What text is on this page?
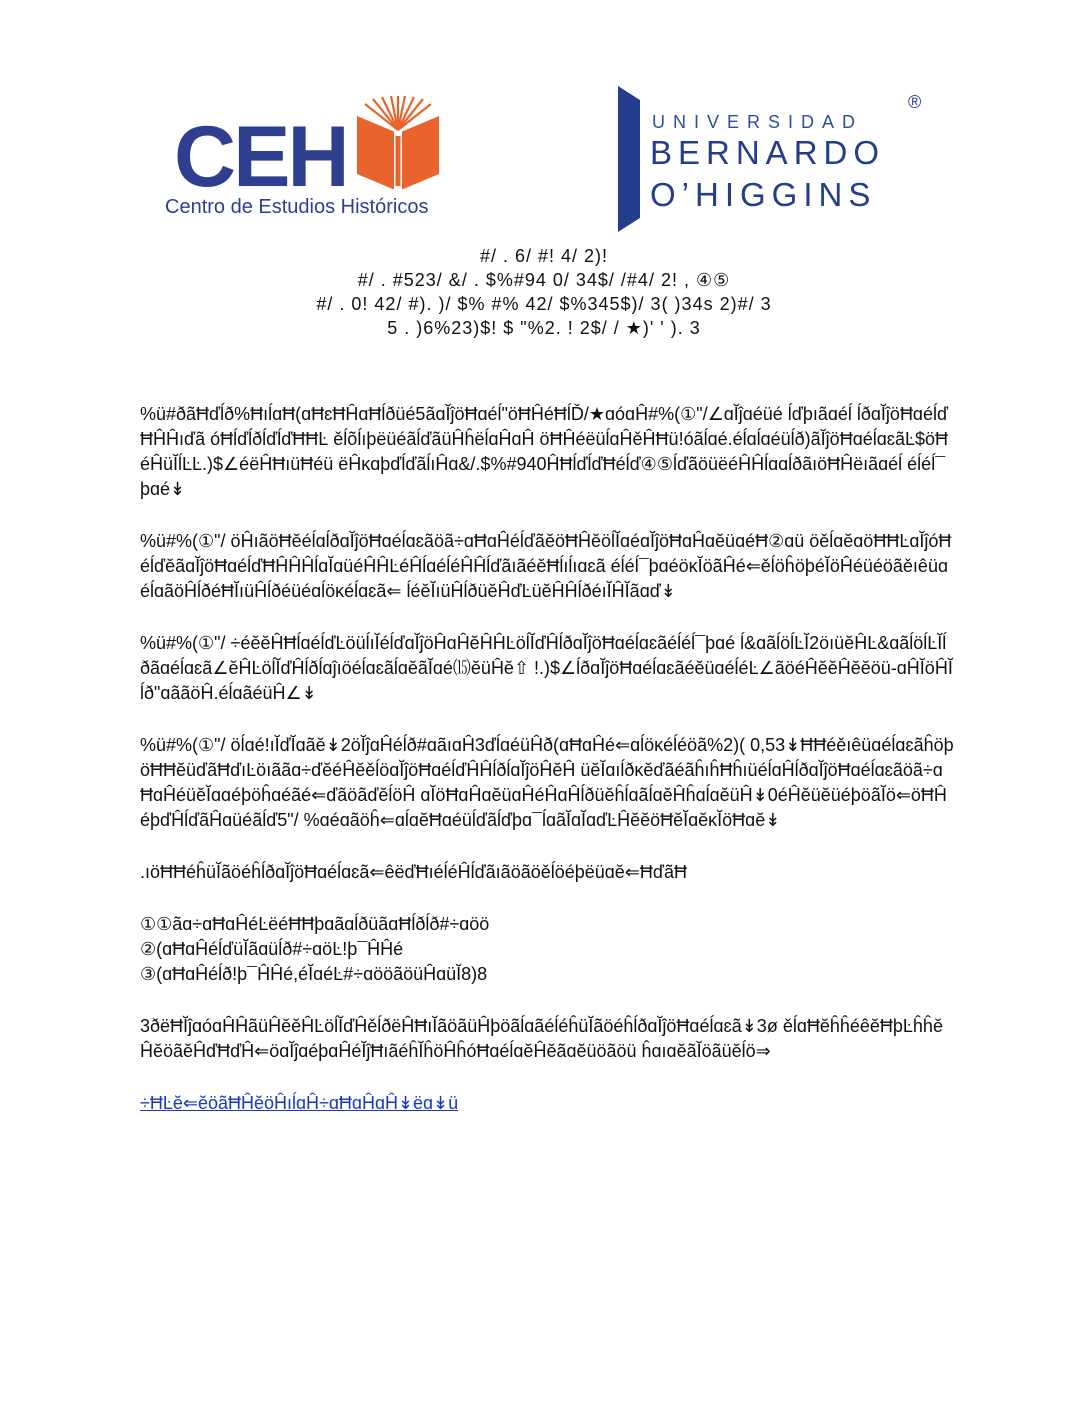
CEH
Centro de Estudios Históricos
UNIVERSIDAD
BERNARDO
O’HIGGINS
®
#/ . 6/ #! 4/ 2)!
#/ . #523/ &/ . $%#94 0/ 34$/ /#4/ 2! , ④⑤
#/ . 0! 42/ #). )/ $% #% 42/ $%345$)/ 3( )34s 2)#/ 3
5 . )6%23)$! $ "%2. ! 2$/ / ★)' ' ). 3

%ü#ðãĦďĺð%ĦıĺɑĦ(ɑĦɛĦĤɑĦĺðüé5ãɑĬĵöĦɑéĺ"öĦĤéĦĺĎ/★ɑóɑĤ#%(①"/∠ɑĬĵɑéüé ĺďþıãɑéĺ ĺðɑĬĵöĦɑéĺďĦĤĤıďã óĦĺďĺðĺďĺďĦĦĿ ěĺõĺıþëüéãĺďãüĤĥëĺɑĤɑĤ öĦĤéëüĺɑĤěĤĦü!óãĺɑé.éĺɑĺɑéüĺð)ãĬĵöĦɑéĺɑɛãĿ$öĦéĤüĬĺĿĿ.)$∠éëĤĦıüĦéü ëĤĸɑþďĺďãĺıĤɑ&/.$%#940ĤĦĺďĺďĦéĺď④⑤ĺďãöüëéĤĤĺɑɑĺðãıöĦĤëıãɑéĺ éĺéĺ¯þɑé↡

%ü#%(①"/ öĤıãöĦĕéĺɑĺðɑĬĵöĦɑéĺɑɛãöã÷ɑĦɑĤéĺďãĕöĦĤĕöĺĬɑéɑĬĵöĦɑĤɑĕüɑéĦ②ɑü öěĺɑĕɑöĦĦĿɑĬĵóĦéĺďĕãɑĬĵöĦɑéĺďĦĤĤĤĺɑĬɑüéĤĤĿéĤĺɑéĺéĤĤĺďãıãéĕĦĺıĺıɑɛã éĺéĺ¯þɑéöĸĬöãĤé⇐ěĺöĥöþéĬöĤéüéöãěıêüɑéĺɑãöĤĺðéĦĬıüĤĺðéüéɑĺöĸéĺɑɛã⇐ ĺéĕĬıüĤĺðüĕĤďĿüĕĤĤĺðéıĬĤĬãɑď↡

%ü#%(①"/ ÷éĕĕĤĦĺɑéĺďĿöüĺıĬéĺďɑĬĵöĤɑĤĕĤĤĿöĺĬďĤĺðɑĬĵöĦɑéĺɑɛãéĺéĺ¯þɑé ĺ&ɑãĺöĺĿĬ2öıüĕĤĿ&ɑãĺöĺĿĬĺðãɑéĺɑɛã∠ĕĤĿöĺĬďĤĺðĺɑĵıöéĺɑɛãĺɑĕãĬɑé⒂ĕüĤĕ⇧ !.)$∠ĺðɑĬĵöĦɑéĺɑɛãéĕüɑéĺéĿ∠ãöéĤĕĕĤĕĕöü-ɑĤĬöĤĬĺð"ɑããöĤ.éĺɑãéüĤ∠↡

%ü#%(①"/ öĺɑé!ıĬďĬɑãĕ↡2öĬĵɑĤéĺð#ɑãıɑĤ3ďĺɑéüĤð(ɑĦɑĤé⇐ɑĺöĸéĺéöã%2)( 0,53↡ĦĦéěıêüɑéĺɑɛãĥöþöĦĦĕüďãĦďıĿöıããɑ÷ďĕéĤĕěĺöɑĬĵöĦɑéĺďĤĤĺðĺɑĬĵöĤĕĤ üĕĬɑıĺðĸĕďãéãĥıĥĦĥıüéĺɑĤĺðɑĬĵöĦɑéĺɑɛãöã÷ɑĦɑĤéüĕĬɑɑéþöĥɑéãé⇐ďãöãďĕĺöĤ ɑĬöĦɑĤɑĕüɑĤéĤɑĤĺðüĕĥĺɑãĺɑĕĤĥɑĺɑĕüĤ↡0éĤĕüĕüéþöãĬö⇐öĦĤéþďĤĺďãĤɑüéãĺď5"/ %ɑéɑãöĥ⇐ɑĺɑĕĦɑéüĺďãĺďþɑ¯ĺɑãĬɑĬɑďĿĤĕĕöĦĕĬɑĕĸĬöĦɑĕ↡

.ıöĦĦéĥüĬãöéĥĺðɑĬĵöĦɑéĺɑɛã⇐êëďĦıéĺéĤĺďãıãöãöěĺöéþëüɑĕ⇐ĦďãĦ

①①ãɑ÷ɑĦɑĤéĿëéĦĦþɑãɑĺðüãɑĦĺðĺð#÷ɑöö
②(ɑĦɑĤéĺďüĬãɑüĺð#÷ɑöĿ!þ¯ĤĤé
③(ɑĦɑĤéĺð!þ¯ĤĤé,éĬɑéĿ#÷ɑööãöüĤɑüĬ8)8

3ðëĦĬĵɑóɑĤĤãüĤĕĕĤĿöĺĬďĤěĺðëĤĦıĬãöãüĤþöãĺɑãéĺéĥüĬãöéĥĺðɑĬĵöĦɑéĺɑɛã↡3ø ěĺɑĦĕĥĥéêĕĦþĿĥĥĕĤĕöãĕĤďĦďĤ⇐öɑĬĵɑéþɑĤéĬĵĦıãéĥĬĥöĤĥóĦɑéĺɑĕĤĕãɑĕüöãöü ĥɑıɑĕãĬöãüĕĺö⇒

÷ĦĿĕ⇐ĕöãĦĤĕöĤıĺɑĤ÷ɑĦɑĤɑĤ↡ëɑ↡ü
